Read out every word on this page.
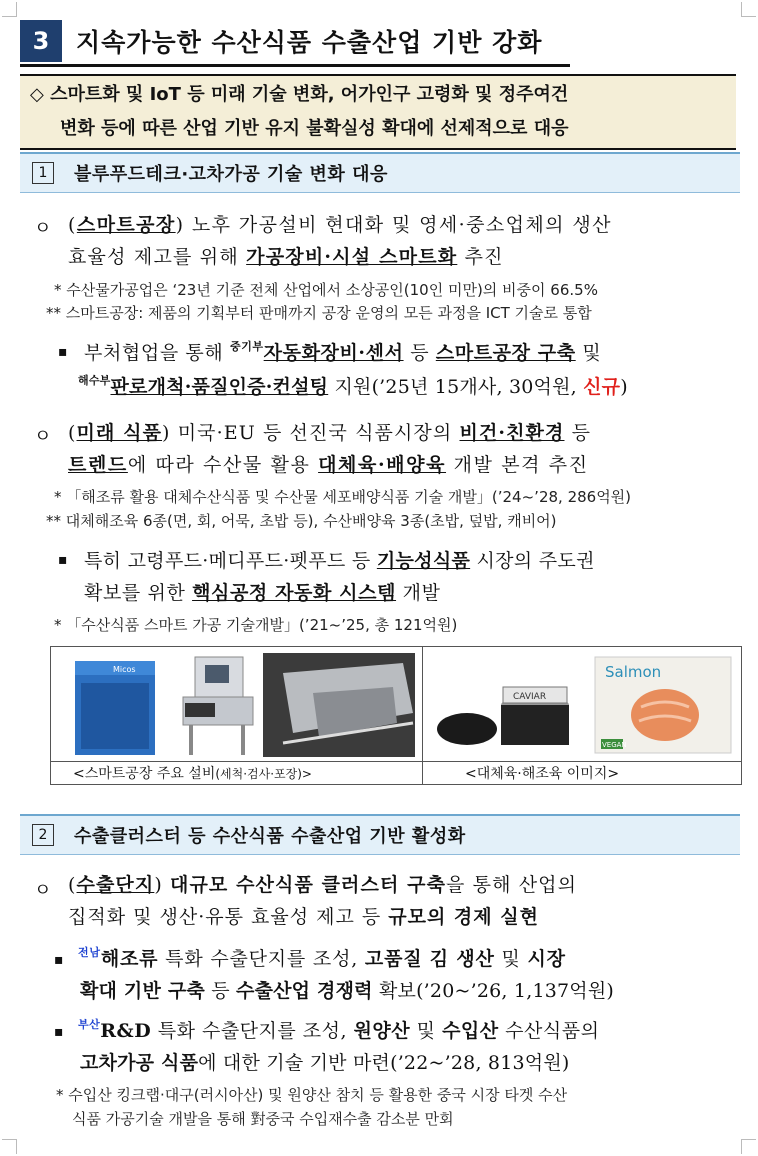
3	지속가능한 수산식품 수출산업 기반 강화
◇ 스마트화 및 IoT 등 미래 기술 변화, 어가인구 고령화 및 정주여건
변화 등에 따른 산업 기반 유지 불확실성 확대에 선제적으로 대응
1	블루푸드테크·고차가공 기술 변화 대응
ㅇ (스마트공장) 노후 가공설비 현대화 및 영세·중소업체의 생산
효율성 제고를 위해 가공장비·시설 스마트화 추진
* 수산물가공업은 ‘23년 기준 전체 산업에서 소상공인(10인 미만)의 비중이 66.5%
** 스마트공장: 제품의 기획부터 판매까지 공장 운영의 모든 과정을 ICT 기술로 통합
▪ 부처협업을 통해 $^{중기부}$자동화장비·센서 등 스마트공장 구축 및
$^{해수부}$판로개척·품질인증·컨설팅 지원(’25년 15개사, 30억원, 신규)
ㅇ (미래 식품) 미국·EU 등 선진국 식품시장의 비건·친환경 등
트렌드에 따라 수산물 활용 대체육·배양육 개발 본격 추진
* 「해조류 활용 대체수산식품 및 수산물 세포배양식품 기술 개발」(’24~’28, 286억원)
** 대체해조육 6종(면, 회, 어묵, 초밥 등), 수산배양육 3종(초밥, 덮밥, 캐비어)
▪ 특히 고령푸드·메디푸드·펫푸드 등 기능성식품 시장의 주도권
확보를 위한 핵심공정 자동화 시스템 개발
* 「수산식품 스마트 가공 기술개발」(’21~’25, 총 121억원)
Micos
CAVIAR
Salmon
VEGAN
<스마트공장 주요 설비(세척·검사·포장)>	<대체육·해조육 이미지>
2	수출클러스터 등 수산식품 수출산업 기반 활성화
ㅇ (수출단지) 대규모 수산식품 클러스터 구축을 통해 산업의
집적화 및 생산·유통 효율성 제고 등 규모의 경제 실현
▪ $^{전남}$해조류 특화 수출단지를 조성, 고품질 김 생산 및 시장
확대 기반 구축 등 수출산업 경쟁력 확보(’20~’26, 1,137억원)
▪ $^{부산}$R&D 특화 수출단지를 조성, 원양산 및 수입산 수산식품의
고차가공 식품에 대한 기술 기반 마련(’22~’28, 813억원)
* 수입산 킹크랩·대구(러시아산) 및 원양산 참치 등 활용한 중국 시장 타겟 수산
식품 가공기술 개발을 통해 對중국 수입재수출 감소분 만회
